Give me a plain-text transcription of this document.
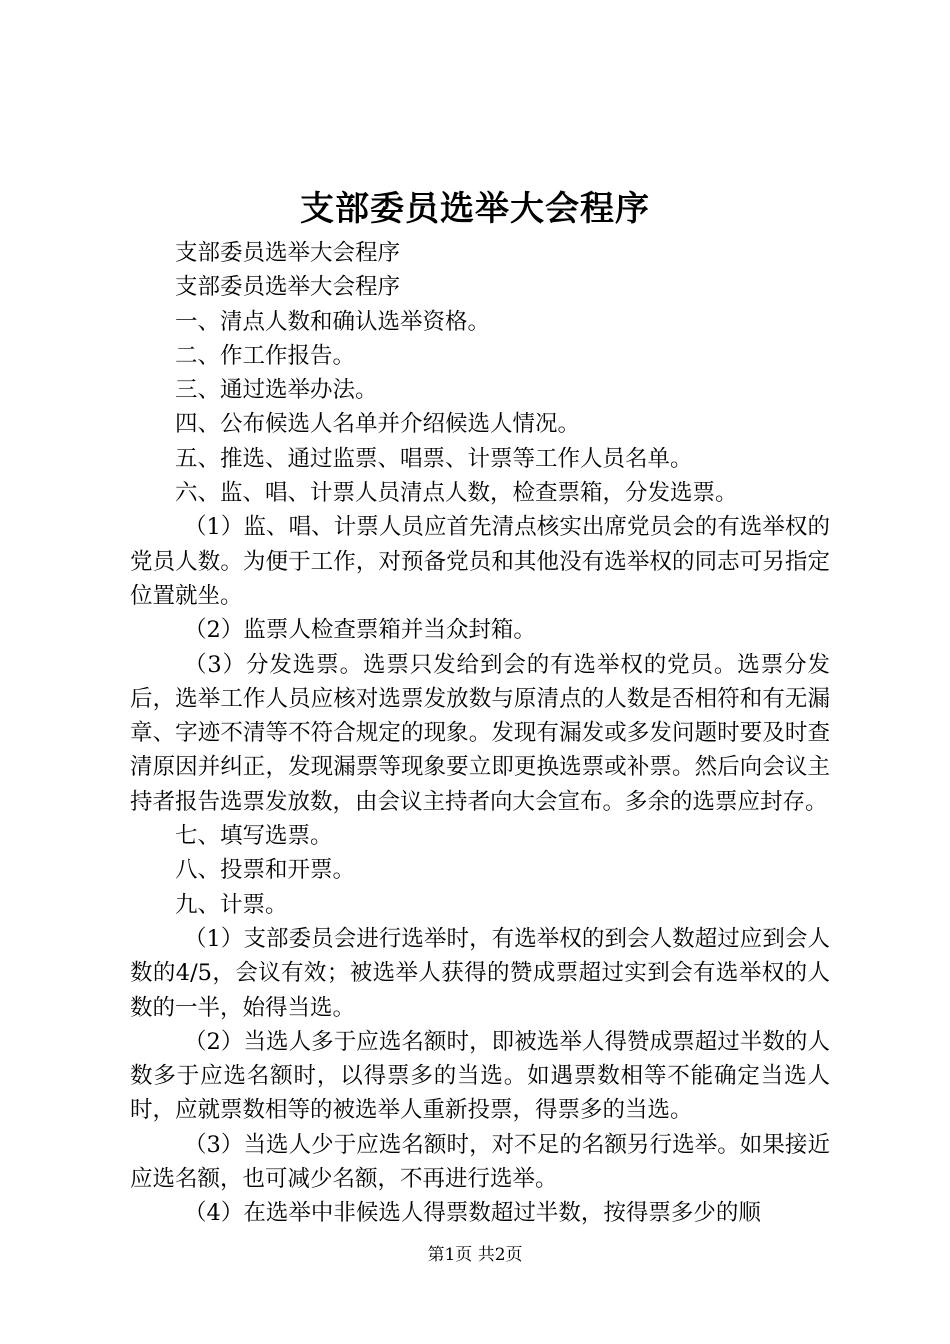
支部委员选举大会程序

支部委员选举大会程序

支部委员选举大会程序

一、清点人数和确认选举资格。

二、作工作报告。

三、通过选举办法。

四、公布候选人名单并介绍候选人情况。

五、推选、通过监票、唱票、计票等工作人员名单。

六、监、唱、计票人员清点人数，检查票箱，分发选票。

（1）监、唱、计票人员应首先清点核实出席党员会的有选举权的党员人数。为便于工作，对预备党员和其他没有选举权的同志可另指定位置就坐。

（2）监票人检查票箱并当众封箱。

（3）分发选票。选票只发给到会的有选举权的党员。选票分发后，选举工作人员应核对选票发放数与原清点的人数是否相符和有无漏章、字迹不清等不符合规定的现象。发现有漏发或多发问题时要及时查清原因并纠正，发现漏票等现象要立即更换选票或补票。然后向会议主持者报告选票发放数，由会议主持者向大会宣布。多余的选票应封存。

七、填写选票。

八、投票和开票。

九、计票。

（1）支部委员会进行选举时，有选举权的到会人数超过应到会人数的4/5，会议有效；被选举人获得的赞成票超过实到会有选举权的人数的一半，始得当选。

（2）当选人多于应选名额时，即被选举人得赞成票超过半数的人数多于应选名额时，以得票多的当选。如遇票数相等不能确定当选人时，应就票数相等的被选举人重新投票，得票多的当选。

（3）当选人少于应选名额时，对不足的名额另行选举。如果接近应选名额，也可减少名额，不再进行选举。

（4）在选举中非候选人得票数超过半数，按得票多少的顺

第1页 共2页
